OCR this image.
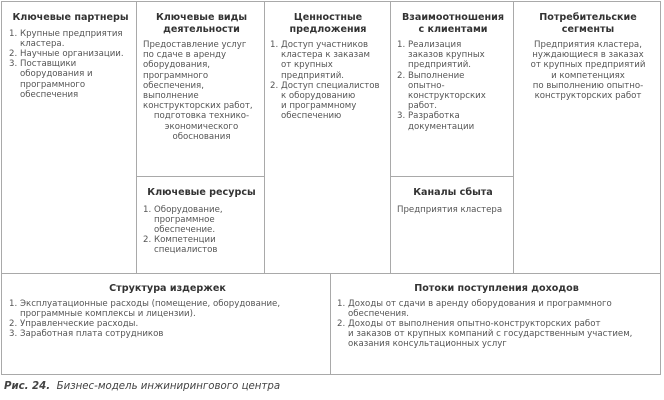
Ключевые партнеры
1. Крупные предприятия кластера.
2. Научные организации.
3. Поставщики оборудования и программного обеспечения
Ключевые виды
деятельности
Предоставление услуг
по сдаче в аренду
оборудования,
программного
обеспечения,
выполнение
конструкторских работ,
подготовка технико-
экономического
обоснования
Ключевые ресурсы
1. Оборудование,
программное
обеспечение.
2. Компетенции
специалистов
Ценностные
предложения
1. Доступ участников
кластера к заказам
от крупных
предприятий.
2. Доступ специалистов
к оборудованию
и программному
обеспечению
Взаимоотношения
с клиентами
1. Реализация
заказов крупных
предприятий.
2. Выполнение
опытно-
конструкторских
работ.
3. Разработка
документации
Каналы сбыта
Предприятия кластера
Потребительские
сегменты
Предприятия кластера,
нуждающиеся в заказах
от крупных предприятий
и компетенциях
по выполнению опытно-
конструкторских работ
Структура издержек
1. Эксплуатационные расходы (помещение, оборудование,
программные комплексы и лицензии).
2. Управленческие расходы.
3. Заработная плата сотрудников
Потоки поступления доходов
1. Доходы от сдачи в аренду оборудования и программного
обеспечения.
2. Доходы от выполнения опытно-конструкторских работ
и заказов от крупных компаний с государственным участием,
оказания консультационных услуг
Рис. 24. Бизнес-модель инжинирингового центра
